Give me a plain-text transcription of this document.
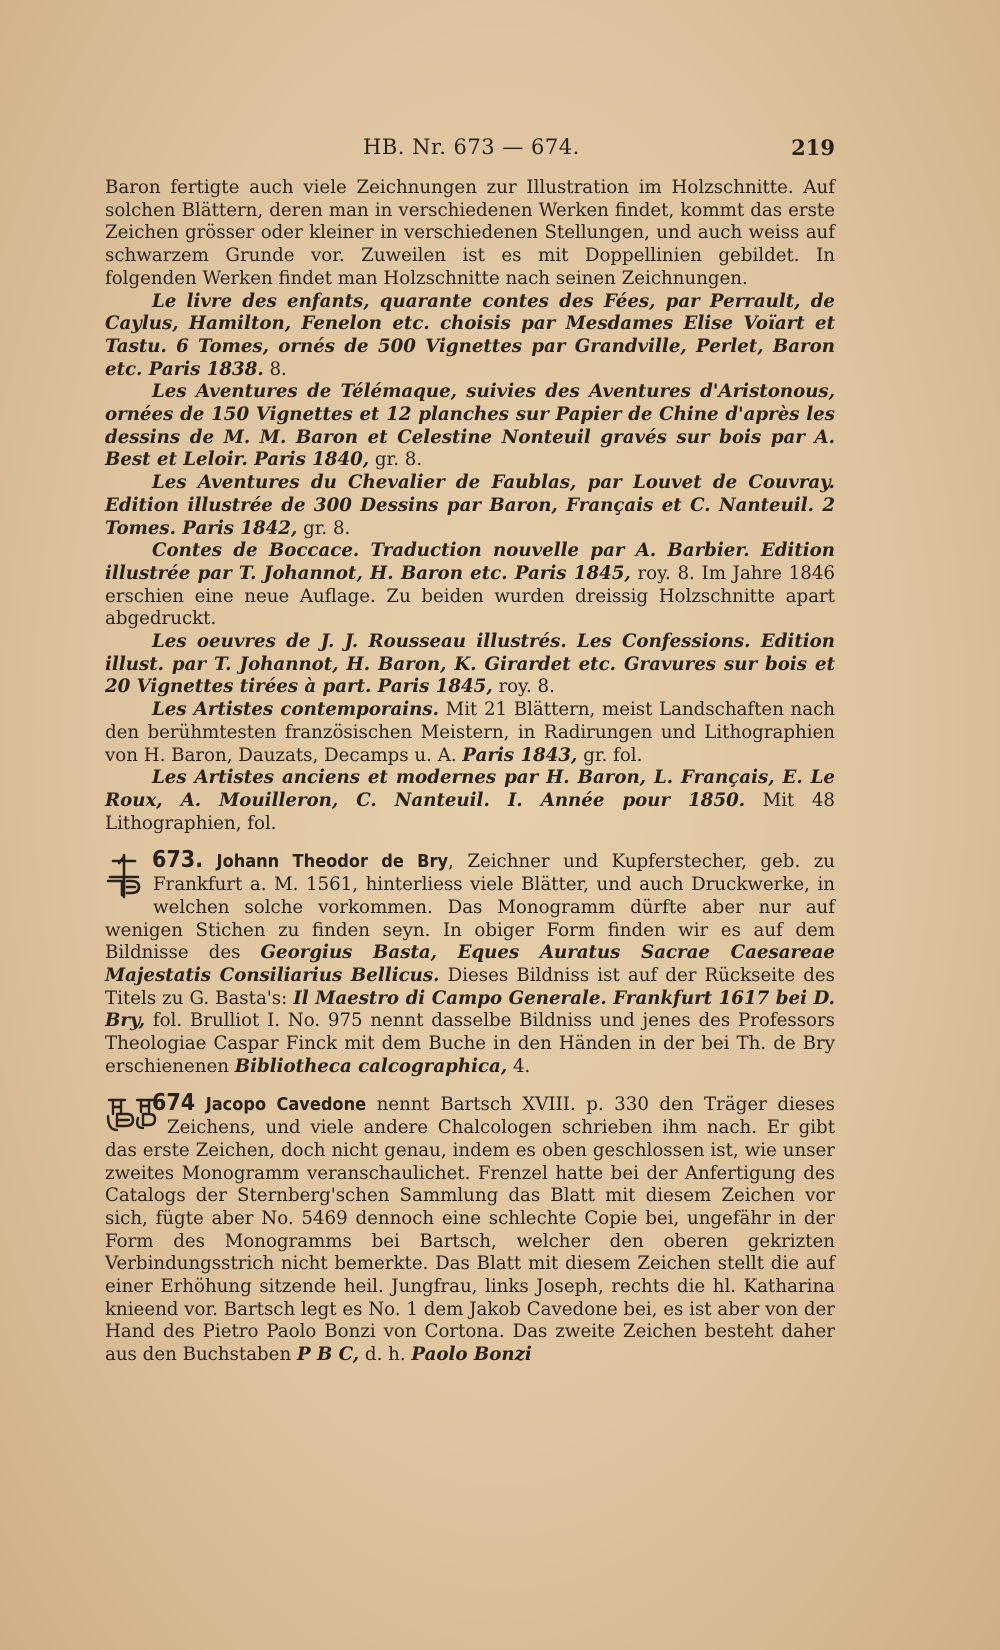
HB. Nr. 673 — 674.	219

Baron fertigte auch viele Zeichnungen zur Illustration im Holzschnitte. Auf solchen Blättern, deren man in verschiedenen Werken findet, kommt das erste Zeichen grösser oder kleiner in verschiedenen Stellungen, und auch weiss auf schwarzem Grunde vor. Zuweilen ist es mit Doppellinien gebildet. In folgenden Werken findet man Holzschnitte nach seinen Zeichnungen.

Le livre des enfants, quarante contes des Fées, par Perrault, de Caylus, Hamilton, Fenelon etc. choisis par Mesdames Elise Voïart et Tastu. 6 Tomes, ornés de 500 Vignettes par Grandville, Perlet, Baron etc. Paris 1838. 8.

Les Aventures de Télémaque, suivies des Aventures d'Aristonous, ornées de 150 Vignettes et 12 planches sur Papier de Chine d'après les dessins de M. M. Baron et Celestine Nonteuil gravés sur bois par A. Best et Leloir. Paris 1840, gr. 8.

Les Aventures du Chevalier de Faublas, par Louvet de Couvray. Edition illustrée de 300 Dessins par Baron, Français et C. Nanteuil. 2 Tomes. Paris 1842, gr. 8.

Contes de Boccace. Traduction nouvelle par A. Barbier. Edition illustrée par T. Johannot, H. Baron etc. Paris 1845, roy. 8. Im Jahre 1846 erschien eine neue Auflage. Zu beiden wurden dreissig Holzschnitte apart abgedruckt.

Les oeuvres de J. J. Rousseau illustrés. Les Confessions. Edition illust. par T. Johannot, H. Baron, K. Girardet etc. Gravures sur bois et 20 Vignettes tirées à part. Paris 1845, roy. 8.

Les Artistes contemporains. Mit 21 Blättern, meist Landschaften nach den berühmtesten französischen Meistern, in Radirungen und Lithographien von H. Baron, Dauzats, Decamps u. A. Paris 1843, gr. fol.

Les Artistes anciens et modernes par H. Baron, L. Français, E. Le Roux, A. Mouilleron, C. Nanteuil. I. Année pour 1850. Mit 48 Lithographien, fol.

673. Johann Theodor de Bry
, Zeichner und Kupferstecher, geb. zu Frankfurt a. M. 1561, hinterliess viele Blätter, und auch Druckwerke, in welchen solche vorkommen. Das Monogramm dürfte aber nur auf wenigen Stichen zu finden seyn. In obiger Form finden wir es auf dem Bildnisse des Georgius Basta, Eques Auratus Sacrae Caesareae Majestatis Consiliarius Bellicus. Dieses Bildniss ist auf der Rückseite des Titels zu G. Basta's: Il Maestro di Campo Generale. Frankfurt 1617 bei D. Bry, fol. Brulliot I. No. 975 nennt dasselbe Bildniss und jenes des Professors Theologiae Caspar Finck mit dem Buche in den Händen in der bei Th. de Bry erschienenen Bibliotheca calcographica, 4.

674 Jacopo Cavedone
nennt Bartsch XVIII. p. 330 den Träger dieses Zeichens, und viele andere Chalcologen schrieben ihm nach. Er gibt das erste Zeichen, doch nicht genau, indem es oben geschlossen ist, wie unser zweites Monogramm veranschaulichet. Frenzel hatte bei der Anfertigung des Catalogs der Sternberg'schen Sammlung das Blatt mit diesem Zeichen vor sich, fügte aber No. 5469 dennoch eine schlechte Copie bei, ungefähr in der Form des Monogramms bei Bartsch, welcher den oberen gekrizten Verbindungsstrich nicht bemerkte. Das Blatt mit diesem Zeichen stellt die auf einer Erhöhung sitzende heil. Jungfrau, links Joseph, rechts die hl. Katharina knieend vor. Bartsch legt es No. 1 dem Jakob Cavedone bei, es ist aber von der Hand des Pietro Paolo Bonzi von Cortona. Das zweite Zeichen besteht daher aus den Buchstaben P B C, d. h. Paolo Bonzi
